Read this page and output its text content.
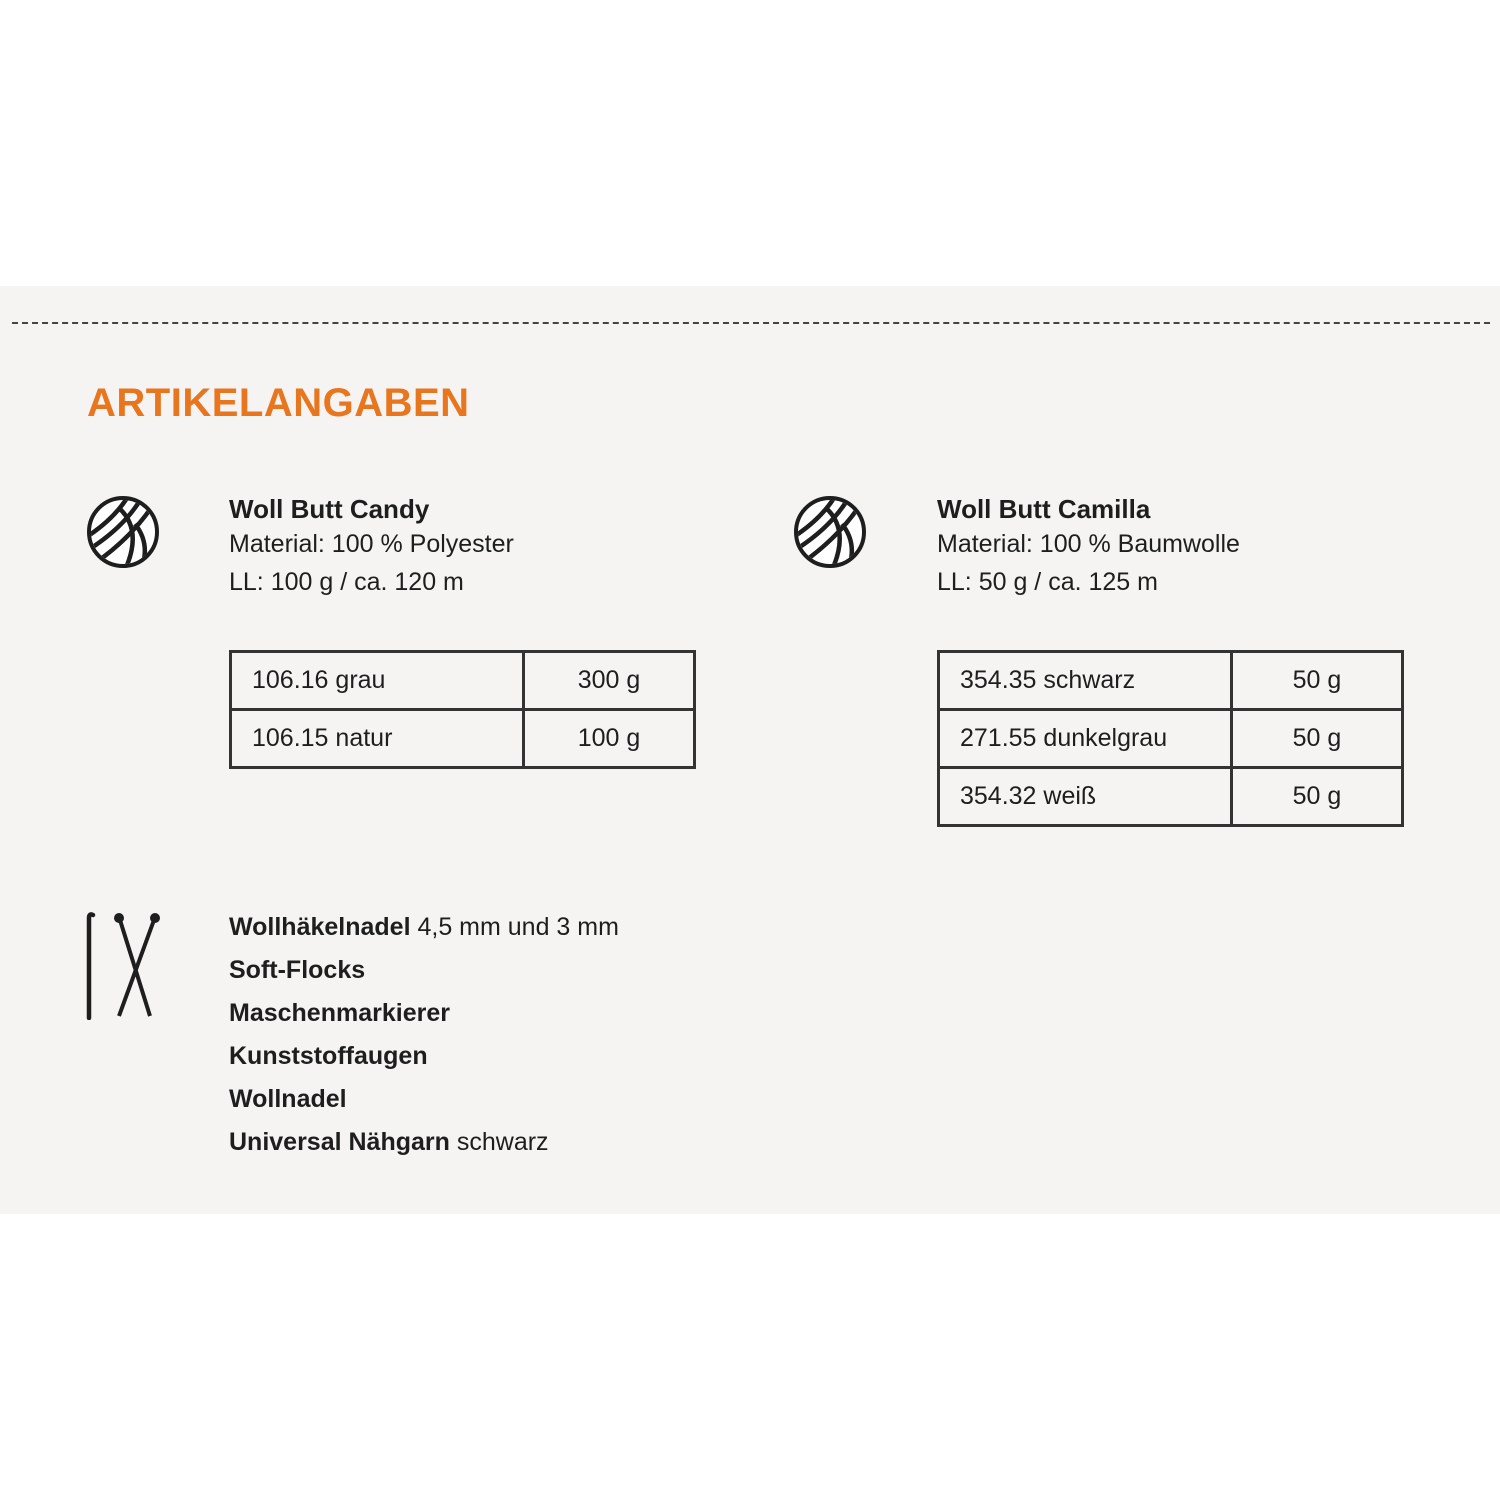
ARTIKELANGABEN
Woll Butt Candy
Material: 100 % Polyester
LL: 100 g / ca. 120 m
106.16 grau	300 g
106.15 natur	100 g
Woll Butt Camilla
Material: 100 % Baumwolle
LL: 50 g / ca. 125 m
354.35 schwarz	50 g
271.55 dunkelgrau	50 g
354.32 weiß	50 g
Wollhäkelnadel 4,5 mm und 3 mm
Soft-Flocks
Maschenmarkierer
Kunststoffaugen
Wollnadel
Universal Nähgarn schwarz
